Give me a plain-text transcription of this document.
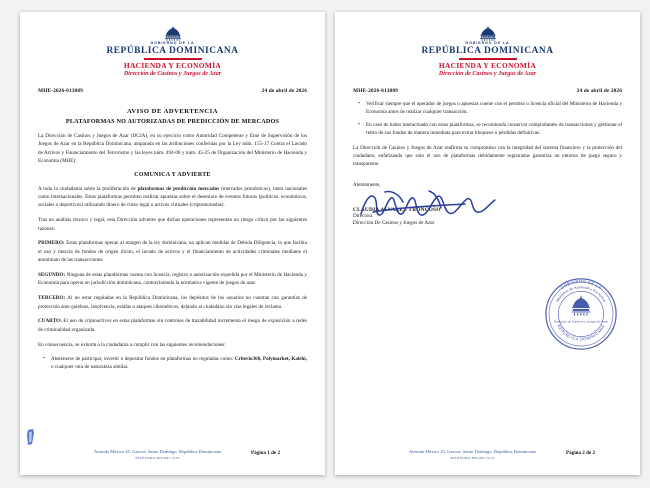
GOBIERNO DE LA
REPÚBLICA DOMINICANA
HACIENDA Y ECONOMÍA
Dirección de Casinos y Juegos de Azar
MHE-2026-013889	24 de abril de 2026
AVISO DE ADVERTENCIA
PLATAFORMAS NO AUTORIZADAS DE PREDICCIÓN DE MERCADOS

La Dirección de Casinos y Juegos de Azar (DCJA), en su ejercicio como Autoridad Competente y Ente de Supervisión de los Juegos de Azar en la República Dominicana, amparada en las atribuciones conferidas por la Ley núm. 155-17 Contra el Lavado de Activos y Financiamiento del Terrorismo y las leyes núm. 494-06 y núm. 45-25 de Organización del Ministerio de Hacienda y Economía (MHE):

COMUNICA Y ADVIERTE

A toda la ciudadanía sobre la proliferación de plataformas de predicción mercados (mercados pronósticos), tanto nacionales como internacionales. Estas plataformas permiten realizar apuestas sobre el desenlace de eventos futuros (políticos, económicos, sociales o deportivos) utilizando dinero de curso legal o activos virtuales (criptomonedas).

Tras un análisis técnico y legal, esta Dirección advierte que dichas operaciones representan un riesgo crítico por las siguientes razones:

PRIMERO: Estas plataformas operan al margen de la ley dominicana, no aplican medidas de Debida Diligencia, lo que facilita el uso y mezcla de fondos de origen ilícito, el lavado de activos y el financiamiento de actividades criminales mediante el anonimato de las transacciones.

SEGUNDO: Ninguna de estas plataformas cuenta con licencia, registro o autorización expedida por el Ministerio de Hacienda y Economía para operar en jurisdicción dominicana, contraviniendo la normativa vigente de juegos de azar.

TERCERO: Al no estar reguladas en la República Dominicana, los depósitos de los usuarios no cuentan con garantías de protección ante quiebras, insolvencia, estafas o ataques cibernéticos, dejando al ciudadano sin vías legales de reclamo.

CUARTO: El uso de criptoactivos en estas plataformas sin controles de trazabilidad incrementa el riesgo de exposición a redes de criminalidad organizada.

En consecuencia, se exhorta a la ciudadanía a cumplir con las siguientes recomendaciones:

▪ Abstenerse de participar, invertir o depositar fondos en plataformas no reguladas como: Criterio360, Polymarket, Kalshi, o cualquier otra de naturaleza similar.
Avenida México 45, Gascue, Santo Domingo, República Dominicana
TELÉFONO 809-687-5131
Página 1 de 2
GOBIERNO DE LA
REPÚBLICA DOMINICANA
HACIENDA Y ECONOMÍA
Dirección de Casinos y Juegos de Azar
MHE-2026-013889	24 de abril de 2026
▪ Verificar siempre que el operador de juegos o apuestas cuente con el permiso o licencia oficial del Ministerio de Hacienda y Economía antes de realizar cualquier transacción.
▪ En caso de haber interactuado con estas plataformas, se recomienda conservar comprobantes de transacciones y gestionar el retiro de sus fondos de manera inmediata para evitar bloqueos o pérdidas definitivas.

La Dirección de Casinos y Juegos de Azar reafirma su compromiso con la integridad del sistema financiero y la protección del ciudadano, enfatizando que solo el uso de plataformas debidamente registradas garantiza un entorno de juego seguro y transparente.

Atentamente,
CLAUDIA ALVAREZ TRONCOSO
Directora
Dirección De Casinos y Juegos de Azar
GOBIERNO DE LA
Ministerio de Hacienda y Economía
REPÚBLICA DOMINICANA
Dirección de Casinos y Juegos de Azar
Avenida México 45, Gascue, Santo Domingo, República Dominicana
TELÉFONO 809-687-5131
Página 2 de 2
